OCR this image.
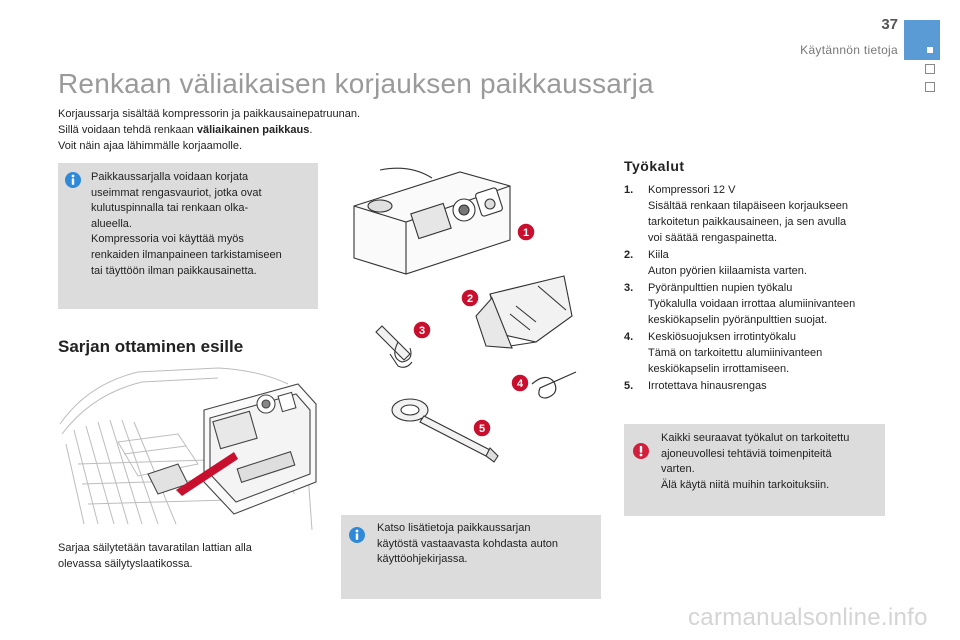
37
Käytännön tietoja
Renkaan väliaikaisen korjauksen paikkaussarja
Korjaussarja sisältää kompressorin ja paikkausainepatruunan.
Sillä voidaan tehdä renkaan väliaikainen paikkaus.
Voit näin ajaa lähimmälle korjaamolle.
Paikkaussarjalla voidaan korjata
useimmat rengasvauriot, jotka ovat
kulutuspinnalla tai renkaan olka-
alueella.
Kompressoria voi käyttää myös
renkaiden ilmanpaineen tarkistamiseen
tai täyttöön ilman paikkausainetta.
Sarjan ottaminen esille
Sarjaa säilytetään tavaratilan lattian alla
olevassa säilytyslaatikossa.
Katso lisätietoja paikkaussarjan
käytöstä vastaavasta kohdasta auton
käyttöohjekirjassa.
1
2
3
4
5
Työkalut
1.	Kompressori 12 V
Sisältää renkaan tilapäiseen korjaukseen
tarkoitetun paikkausaineen, ja sen avulla
voi säätää rengaspainetta.
2.	Kiila
Auton pyörien kiilaamista varten.
3.	Pyöränpulttien nupien työkalu
Työkalulla voidaan irrottaa alumiinivanteen
keskiökapselin pyöränpulttien suojat.
4.	Keskiösuojuksen irrotintyökalu
Tämä on tarkoitettu alumiinivanteen
keskiökapselin irrottamiseen.
5.	Irrotettava hinausrengas
Kaikki seuraavat työkalut on tarkoitettu
ajoneuvollesi tehtäviä toimenpiteitä
varten.
Älä käytä niitä muihin tarkoituksiin.
carmanualsonline.info
